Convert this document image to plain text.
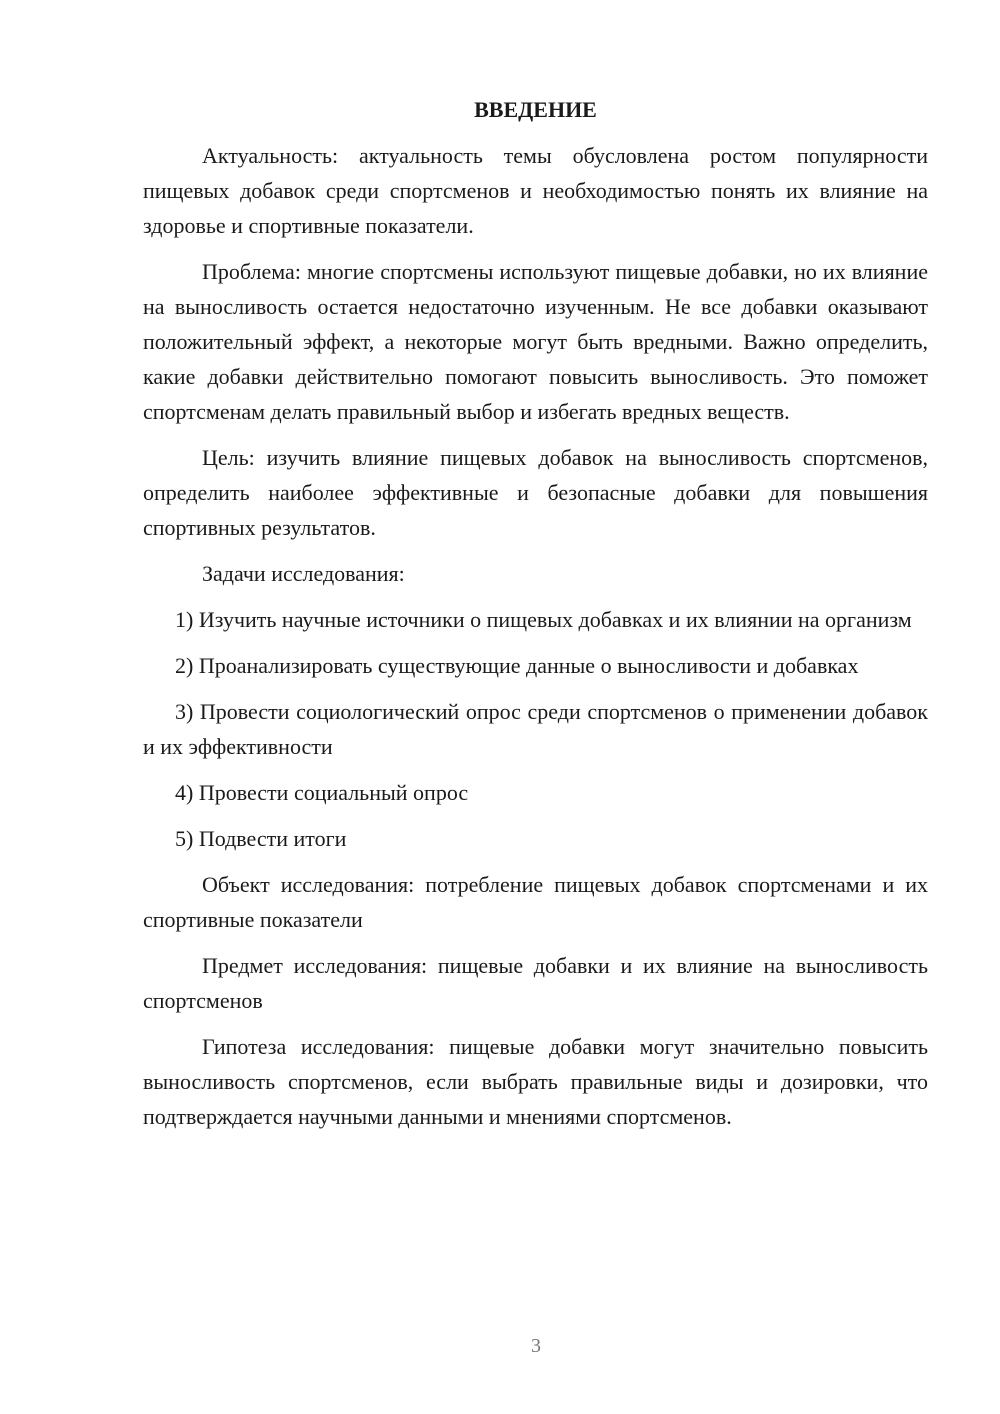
ВВЕДЕНИЕ

Актуальность: актуальность темы обусловлена ростом популярности пищевых добавок среди спортсменов и необходимостью понять их влияние на здоровье и спортивные показатели.

Проблема: многие спортсмены используют пищевые добавки, но их влияние на выносливость остается недостаточно изученным. Не все добавки оказывают положительный эффект, а некоторые могут быть вредными. Важно определить, какие добавки действительно помогают повысить выносливость. Это поможет спортсменам делать правильный выбор и избегать вредных веществ.

Цель: изучить влияние пищевых добавок на выносливость спортсменов, определить наиболее эффективные и безопасные добавки для повышения спортивных результатов.

Задачи исследования:

1) Изучить научные источники о пищевых добавках и их влиянии на организм

2) Проанализировать существующие данные о выносливости и добавках

3) Провести социологический опрос среди спортсменов о применении добавок и их эффективности

4) Провести социальный опрос

5) Подвести итоги

Объект исследования: потребление пищевых добавок спортсменами и их спортивные показатели

Предмет исследования: пищевые добавки и их влияние на выносливость спортсменов

Гипотеза исследования: пищевые добавки могут значительно повысить выносливость спортсменов, если выбрать правильные виды и дозировки, что подтверждается научными данными и мнениями спортсменов.

3
